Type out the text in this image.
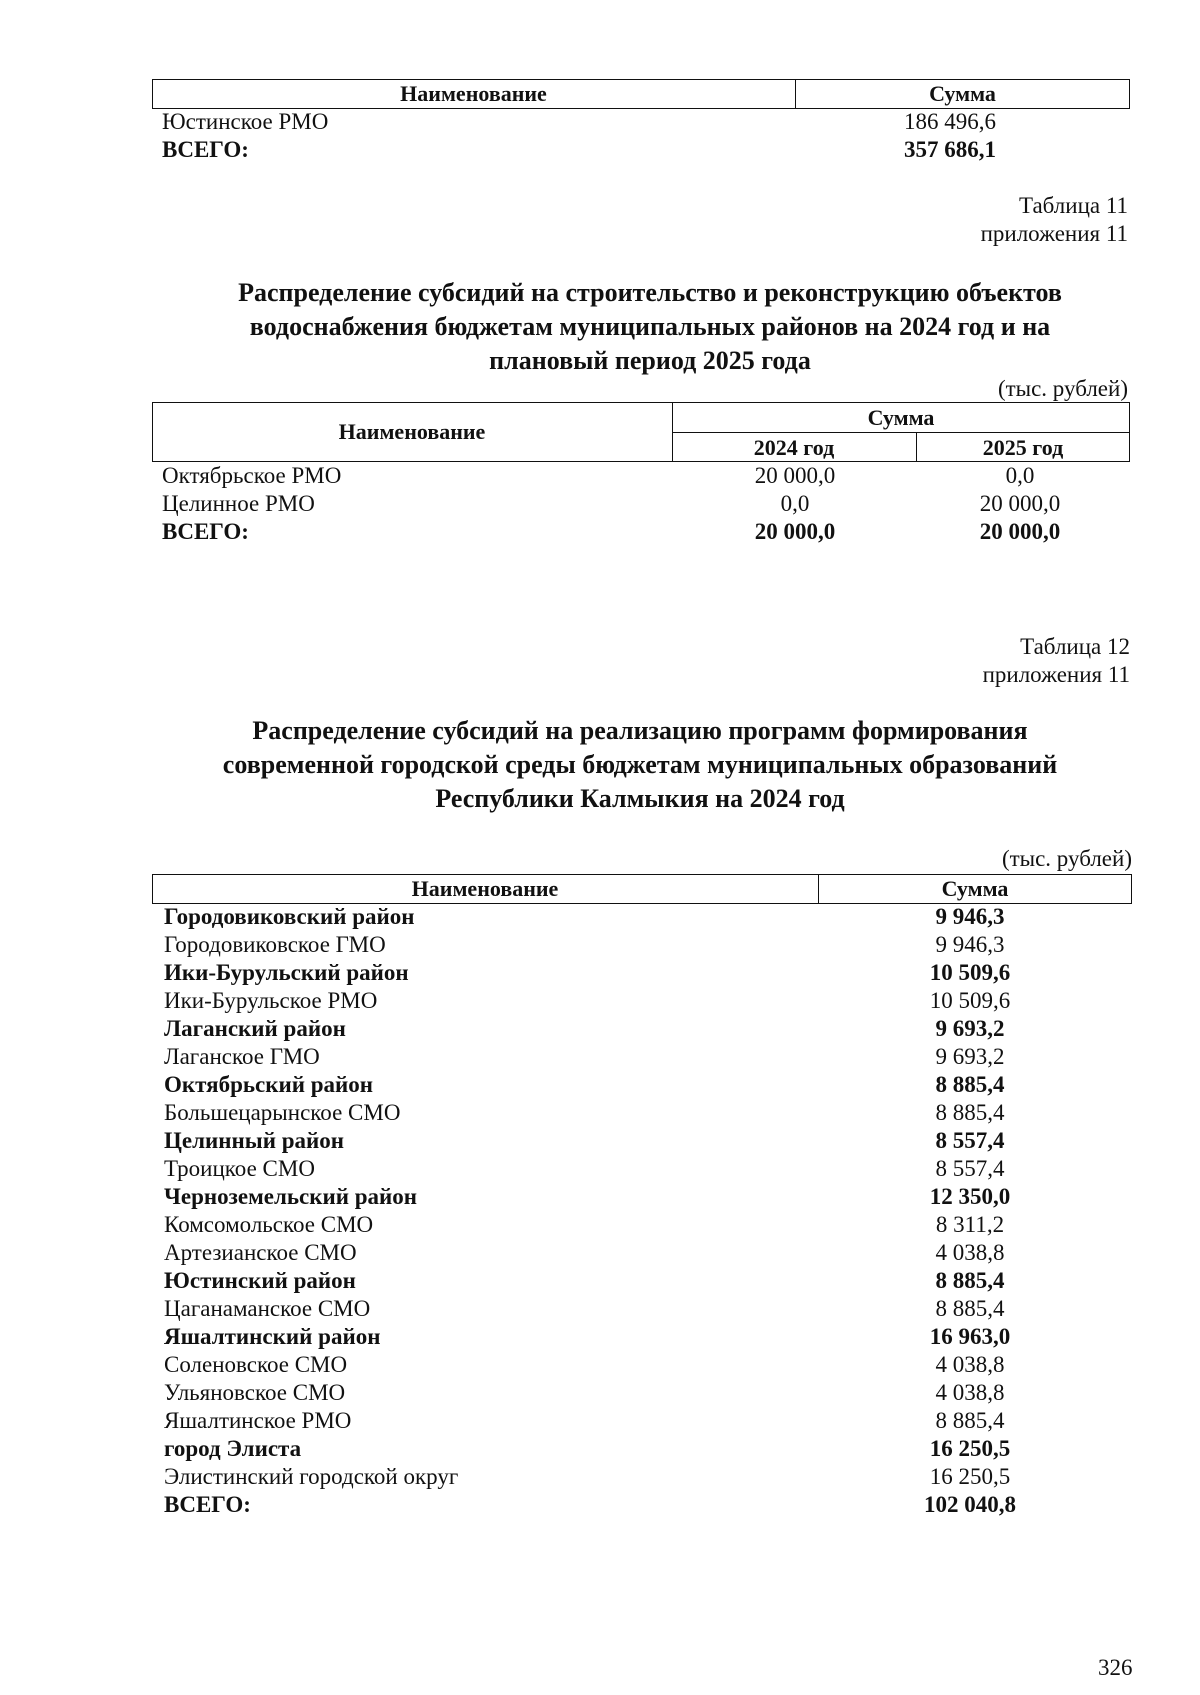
Наименование	Сумма
Юстинское РМО	186 496,6
ВСЕГО:	357 686,1
Таблица 11
приложения 11
Распределение субсидий на строительство и реконструкцию объектов
водоснабжения бюджетам муниципальных районов на 2024 год и на
плановый период 2025 года
(тыс. рублей)
Наименование
Сумма
2024 год	2025 год
Октябрьское РМО	20 000,0	0,0
Целинное РМО	0,0	20 000,0
ВСЕГО:	20 000,0	20 000,0
Таблица 12
приложения 11
Распределение субсидий на реализацию программ формирования
современной городской среды бюджетам муниципальных образований
Республики Калмыкия на 2024 год
(тыс. рублей)
Наименование	Сумма
Городовиковский район	9 946,3
Городовиковское ГМО	9 946,3
Ики-Бурульский район	10 509,6
Ики-Бурульское РМО	10 509,6
Лаганский район	9 693,2
Лаганское ГМО	9 693,2
Октябрьский район	8 885,4
Большецарынское СМО	8 885,4
Целинный район	8 557,4
Троицкое СМО	8 557,4
Черноземельский район	12 350,0
Комсомольское СМО	8 311,2
Артезианское СМО	4 038,8
Юстинский район	8 885,4
Цаганаманское СМО	8 885,4
Яшалтинский район	16 963,0
Соленовское СМО	4 038,8
Ульяновское СМО	4 038,8
Яшалтинское РМО	8 885,4
город Элиста	16 250,5
Элистинский городской округ	16 250,5
ВСЕГО:	102 040,8
326
